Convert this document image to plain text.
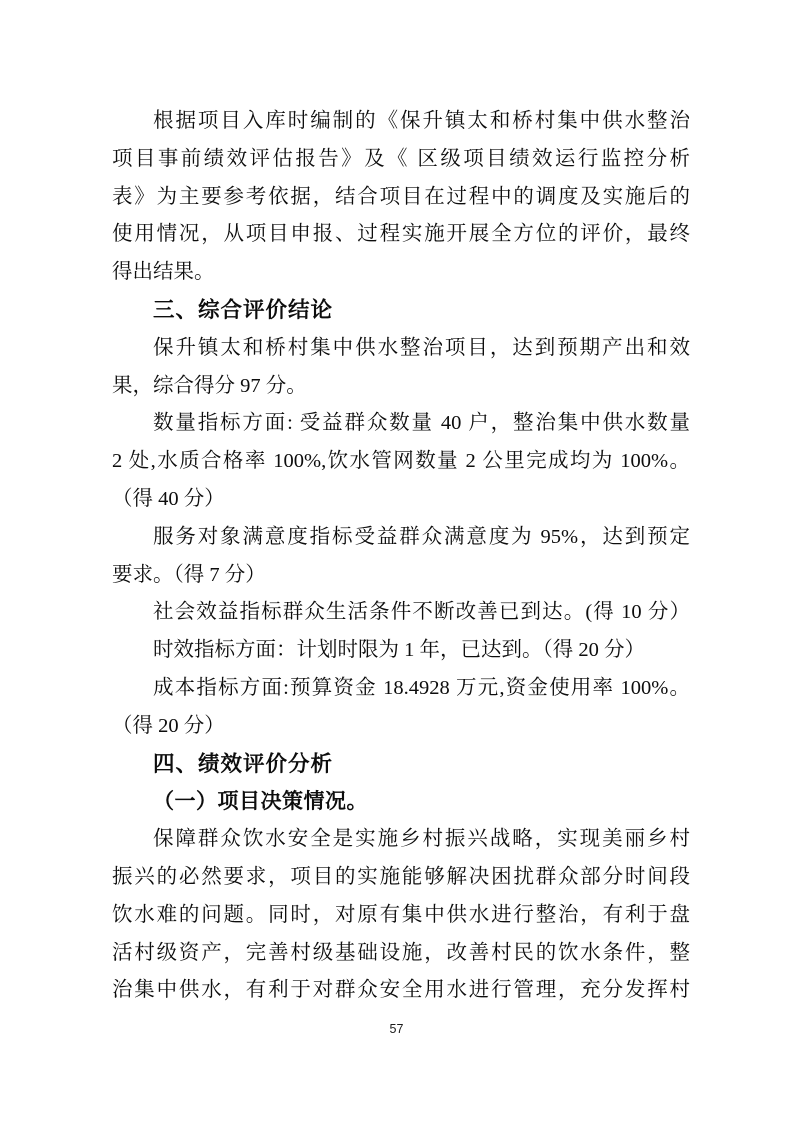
根据项目入库时编制的《保升镇太和桥村集中供水整治
项目事前绩效评估报告》及《 区级项目绩效运行监控分析
表》为主要参考依据，结合项目在过程中的调度及实施后的
使用情况，从项目申报、过程实施开展全方位的评价，最终
得出结果。
三、综合评价结论
保升镇太和桥村集中供水整治项目，达到预期产出和效
果，综合得分 97 分。
数量指标方面: 受益群众数量 40 户，整治集中供水数量
2 处,水质合格率 100%,饮水管网数量 2 公里完成均为 100%。
（得 40 分）
服务对象满意度指标受益群众满意度为 95%，达到预定
要求。（得 7 分）
社会效益指标群众生活条件不断改善已到达。(得 10 分）
时效指标方面：计划时限为 1 年，已达到。（得 20 分）
成本指标方面:预算资金 18.4928 万元,资金使用率 100%。
（得 20 分）
四、绩效评价分析
（一）项目决策情况。
保障群众饮水安全是实施乡村振兴战略，实现美丽乡村
振兴的必然要求，项目的实施能够解决困扰群众部分时间段
饮水难的问题。同时，对原有集中供水进行整治，有利于盘
活村级资产，完善村级基础设施，改善村民的饮水条件，整
治集中供水，有利于对群众安全用水进行管理，充分发挥村
57
